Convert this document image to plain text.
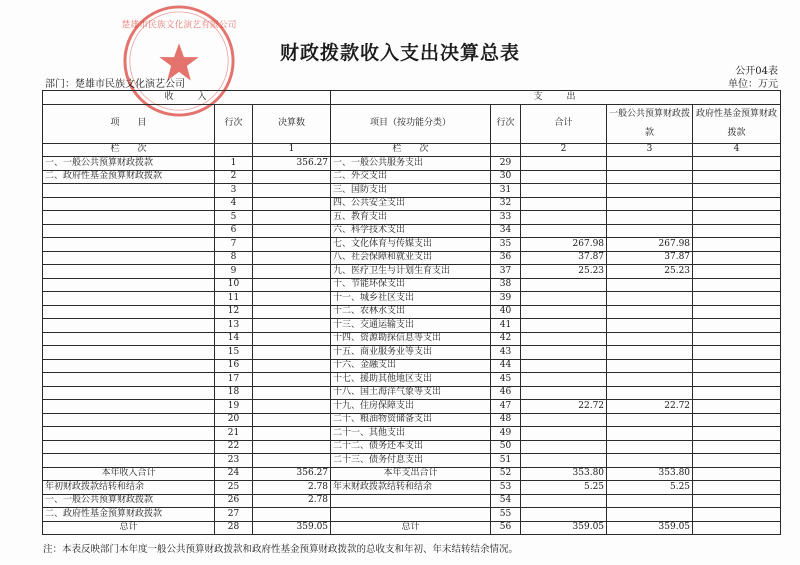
楚雄市民族文化演艺有限公司
财政拨款收入支出决算总表
公开04表
部门：楚雄市民族文化演艺公司	单位：万元
收　　入			支　　出				
项　　目	行次	决算数	项目（按功能分类）	行次	合计	一般公共预算财政拨款	政府性基金预算财政拨款
栏　　次		1	栏　　次		2	3	4
一、一般公共预算财政拨款	1	356.27	一、一般公共服务支出	29			
二、政府性基金预算财政拨款	2		二、外交支出	30			
	3		三、国防支出	31			
	4		四、公共安全支出	32			
	5		五、教育支出	33			
	6		六、科学技术支出	34			
	7		七、文化体育与传媒支出	35	267.98	267.98	
	8		八、社会保障和就业支出	36	37.87	37.87	
	9		九、医疗卫生与计划生育支出	37	25.23	25.23	
	10		十、节能环保支出	38			
	11		十一、城乡社区支出	39			
	12		十二、农林水支出	40			
	13		十三、交通运输支出	41			
	14		十四、资源勘探信息等支出	42			
	15		十五、商业服务业等支出	43			
	16		十六、金融支出	44			
	17		十七、援助其他地区支出	45			
	18		十八、国土海洋气象等支出	46			
	19		十九、住房保障支出	47	22.72	22.72	
	20		二十、粮油物资储备支出	48			
	21		二十一、其他支出	49			
	22		二十二、债务还本支出	50			
	23		二十三、债务付息支出	51			
本年收入合计	24	356.27	本年支出合计	52	353.80	353.80	
年初财政拨款结转和结余	25	2.78	年末财政拨款结转和结余	53	5.25	5.25	
一、一般公共预算财政拨款	26	2.78		54			
二、政府性基金预算财政拨款	27			55			
总计	28	359.05	总计	56	359.05	359.05	
注：本表反映部门本年度一般公共预算财政拨款和政府性基金预算财政拨款的总收支和年初、年末结转结余情况。
